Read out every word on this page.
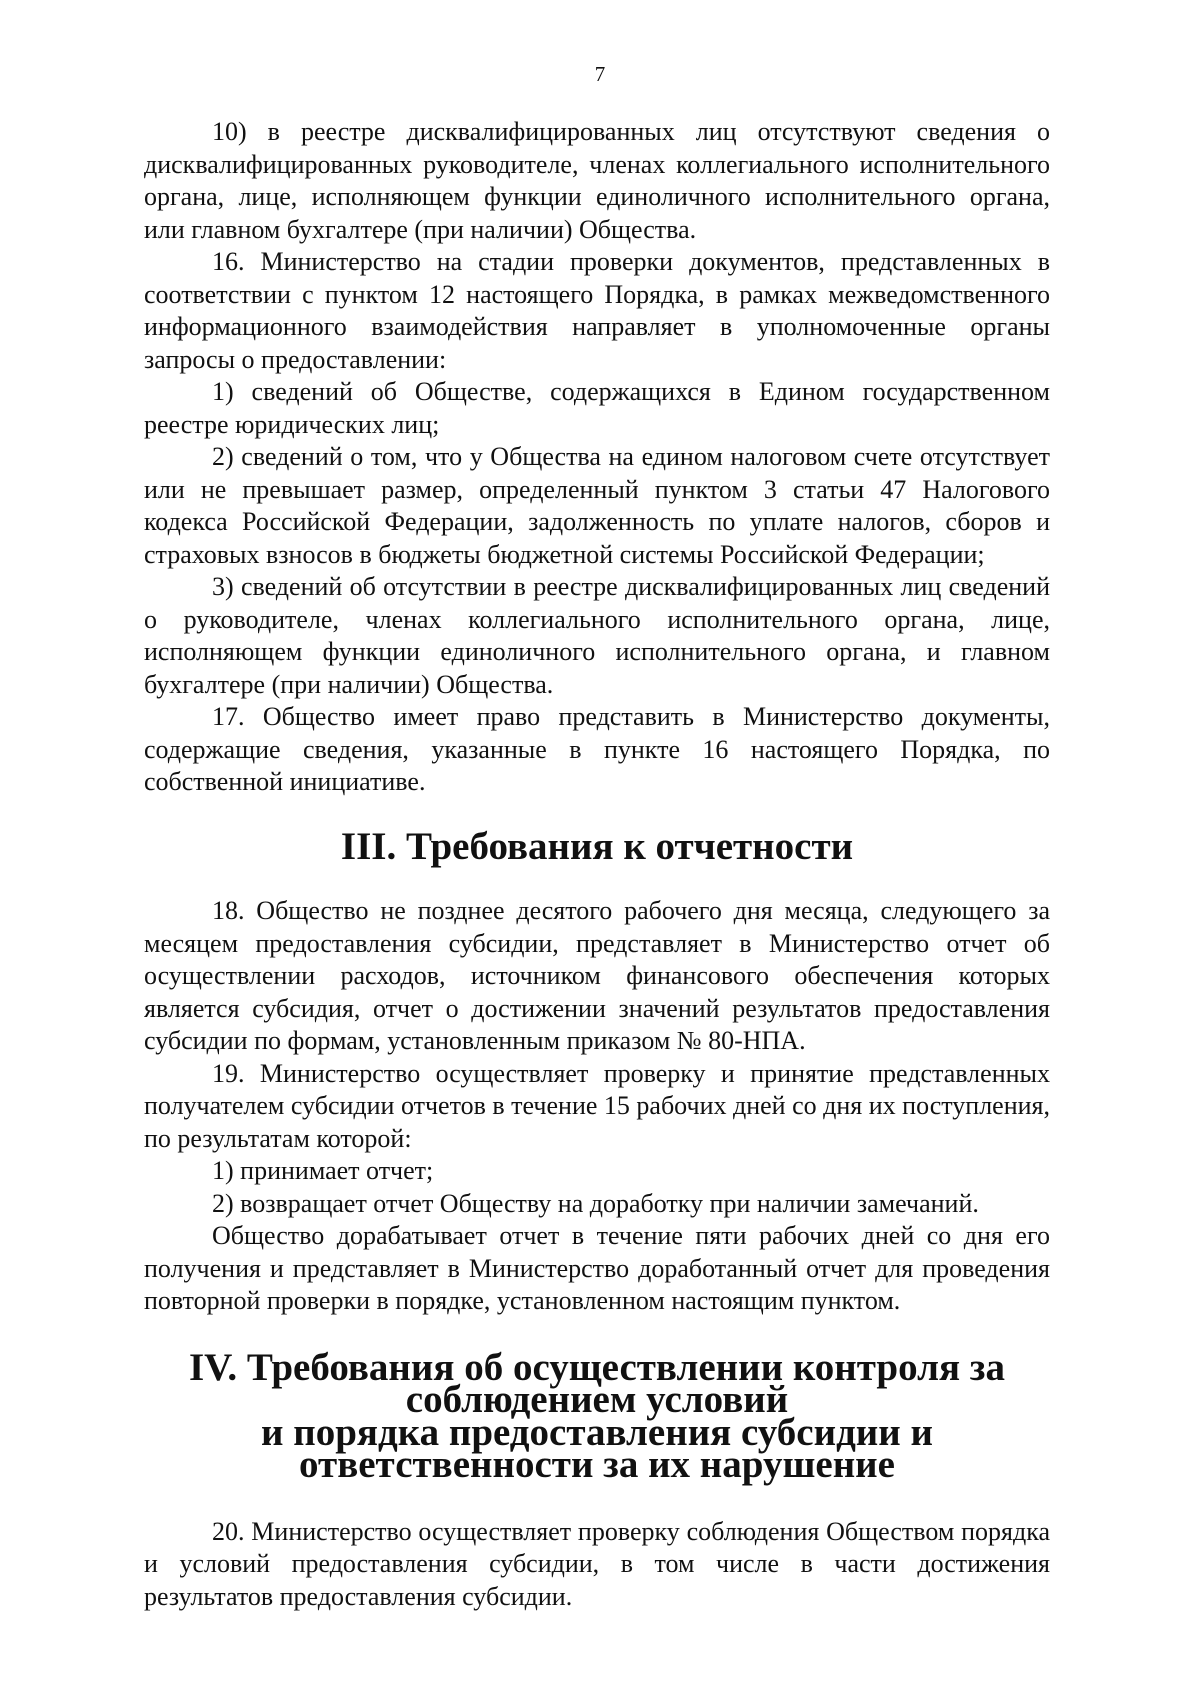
7

10) в реестре дисквалифицированных лиц отсутствуют сведения о дисквалифицированных руководителе, членах коллегиального исполнительного органа, лице, исполняющем функции единоличного исполнительного органа, или главном бухгалтере (при наличии) Общества.

16. Министерство на стадии проверки документов, представленных в соответствии с пунктом 12 настоящего Порядка, в рамках межведомственного информационного взаимодействия направляет в уполномоченные органы запросы о предоставлении:

1) сведений об Обществе, содержащихся в Едином государственном реестре юридических лиц;

2) сведений о том, что у Общества на едином налоговом счете отсутствует или не превышает размер, определенный пунктом 3 статьи 47 Налогового кодекса Российской Федерации, задолженность по уплате налогов, сборов и страховых взносов в бюджеты бюджетной системы Российской Федерации;

3) сведений об отсутствии в реестре дисквалифицированных лиц сведений о руководителе, членах коллегиального исполнительного органа, лице, исполняющем функции единоличного исполнительного органа, и главном бухгалтере (при наличии) Общества.

17. Общество имеет право представить в Министерство документы, содержащие сведения, указанные в пункте 16 настоящего Порядка, по собственной инициативе.

III. Требования к отчетности

18. Общество не позднее десятого рабочего дня месяца, следующего за месяцем предоставления субсидии, представляет в Министерство отчет об осуществлении расходов, источником финансового обеспечения которых является субсидия, отчет о достижении значений результатов предоставления субсидии по формам, установленным приказом № 80-НПА.

19. Министерство осуществляет проверку и принятие представленных получателем субсидии отчетов в течение 15 рабочих дней со дня их поступления, по результатам которой:

1) принимает отчет;

2) возвращает отчет Обществу на доработку при наличии замечаний.

Общество дорабатывает отчет в течение пяти рабочих дней со дня его получения и представляет в Министерство доработанный отчет для проведения повторной проверки в порядке, установленном настоящим пунктом.

IV. Требования об осуществлении контроля за соблюдением условий
и порядка предоставления субсидии и ответственности за их нарушение

20. Министерство осуществляет проверку соблюдения Обществом порядка и условий предоставления субсидии, в том числе в части достижения результатов предоставления субсидии.
